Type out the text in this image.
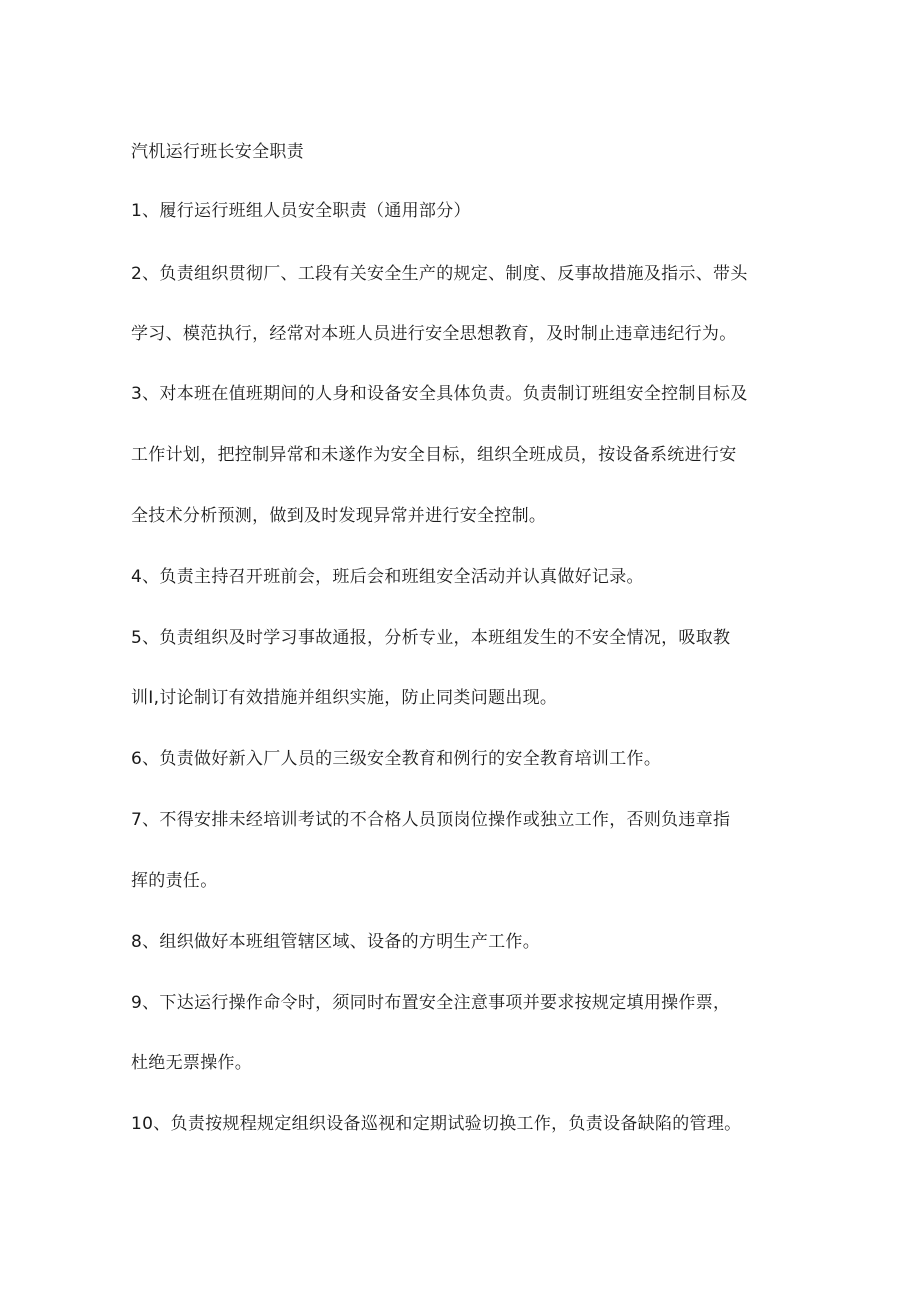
汽机运行班长安全职责
1、履行运行班组人员安全职责（通用部分）
2、负责组织贯彻厂、工段有关安全生产的规定、制度、反事故措施及指示、带头
学习、模范执行，经常对本班人员进行安全思想教育，及时制止违章违纪行为。
3、对本班在值班期间的人身和设备安全具体负责。负责制订班组安全控制目标及
工作计划，把控制异常和未遂作为安全目标，组织全班成员，按设备系统进行安
全技术分析预测，做到及时发现异常并进行安全控制。
4、负责主持召开班前会，班后会和班组安全活动并认真做好记录。
5、负责组织及时学习事故通报，分析专业，本班组发生的不安全情况，吸取教
训I,讨论制订有效措施并组织实施，防止同类问题出现。
6、负责做好新入厂人员的三级安全教育和例行的安全教育培训工作。
7、不得安排未经培训考试的不合格人员顶岗位操作或独立工作，否则负违章指
挥的责任。
8、组织做好本班组管辖区域、设备的方明生产工作。
9、下达运行操作命令时，须同时布置安全注意事项并要求按规定填用操作票，
杜绝无票操作。
10、负责按规程规定组织设备巡视和定期试验切换工作，负责设备缺陷的管理。
